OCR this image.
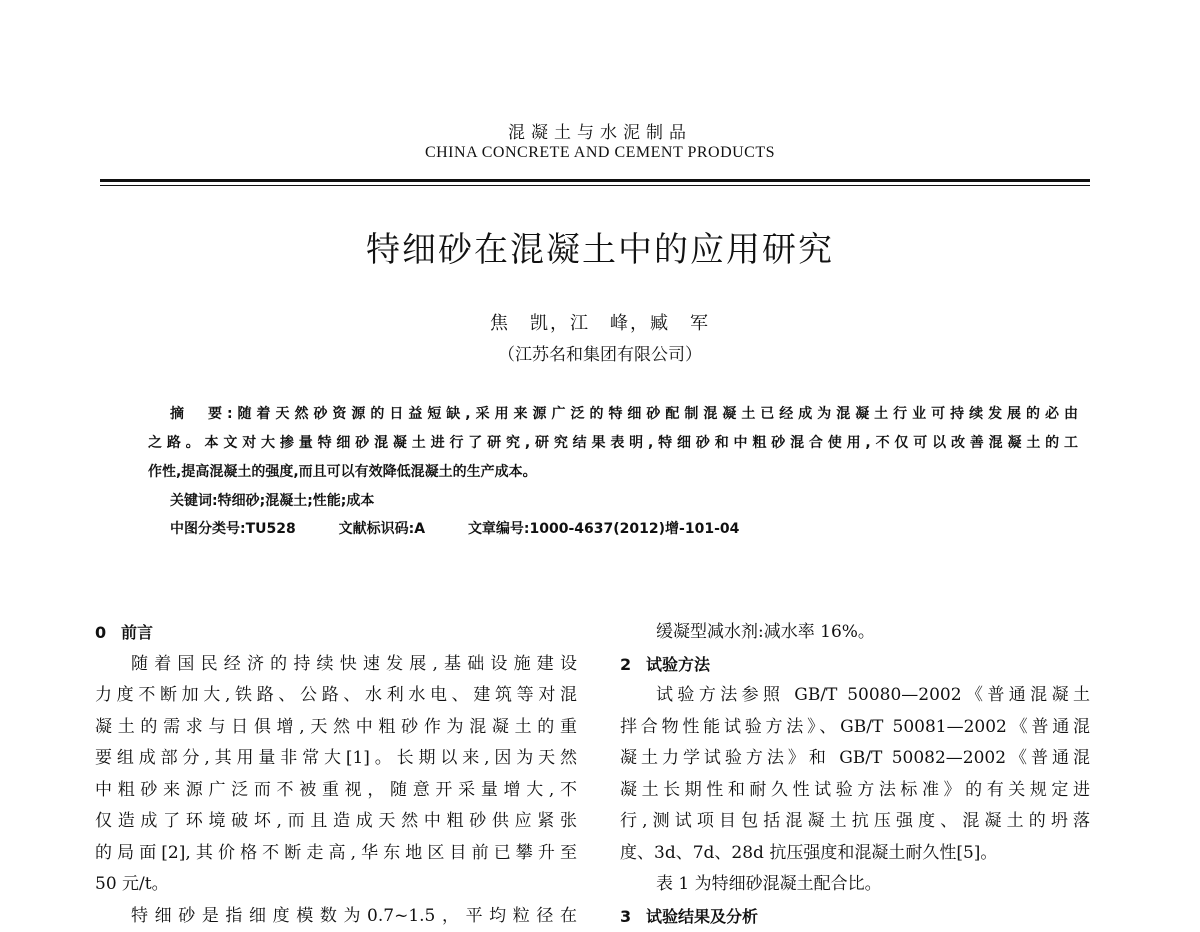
混凝土与水泥制品
CHINA CONCRETE AND CEMENT PRODUCTS
特细砂在混凝土中的应用研究
焦　凯，江　峰，臧　军
（江苏名和集团有限公司）
摘　要:随着天然砂资源的日益短缺,采用来源广泛的特细砂配制混凝土已经成为混凝土行业可持续发展的必由
之路。本文对大掺量特细砂混凝土进行了研究,研究结果表明,特细砂和中粗砂混合使用,不仅可以改善混凝土的工
作性,提高混凝土的强度,而且可以有效降低混凝土的生产成本。
关键词:特细砂;混凝土;性能;成本
中图分类号:TU528	文献标识码:A	文章编号:1000-4637(2012)增-101-04
0 前言
随着国民经济的持续快速发展,基础设施建设
力度不断加大,铁路、公路、水利水电、建筑等对混
凝土的需求与日俱增,天然中粗砂作为混凝土的重
要组成部分,其用量非常大[1]。长期以来,因为天然
中粗砂来源广泛而不被重视，随意开采量增大,不
仅造成了环境破坏,而且造成天然中粗砂供应紧张
的局面[2],其价格不断走高,华东地区目前已攀升至
50 元/t。
特细砂是指细度模数为0.7~1.5，平均粒径在
缓凝型减水剂:减水率 16%。
2 试验方法
试验方法参照 GB/T 50080—2002《普通混凝土
拌合物性能试验方法》、GB/T 50081—2002《普通混
凝土力学试验方法》和 GB/T 50082—2002《普通混
凝土长期性和耐久性试验方法标准》的有关规定进
行,测试项目包括混凝土抗压强度、混凝土的坍落
度、3d、7d、28d 抗压强度和混凝土耐久性[5]。
表 1 为特细砂混凝土配合比。
3 试验结果及分析
